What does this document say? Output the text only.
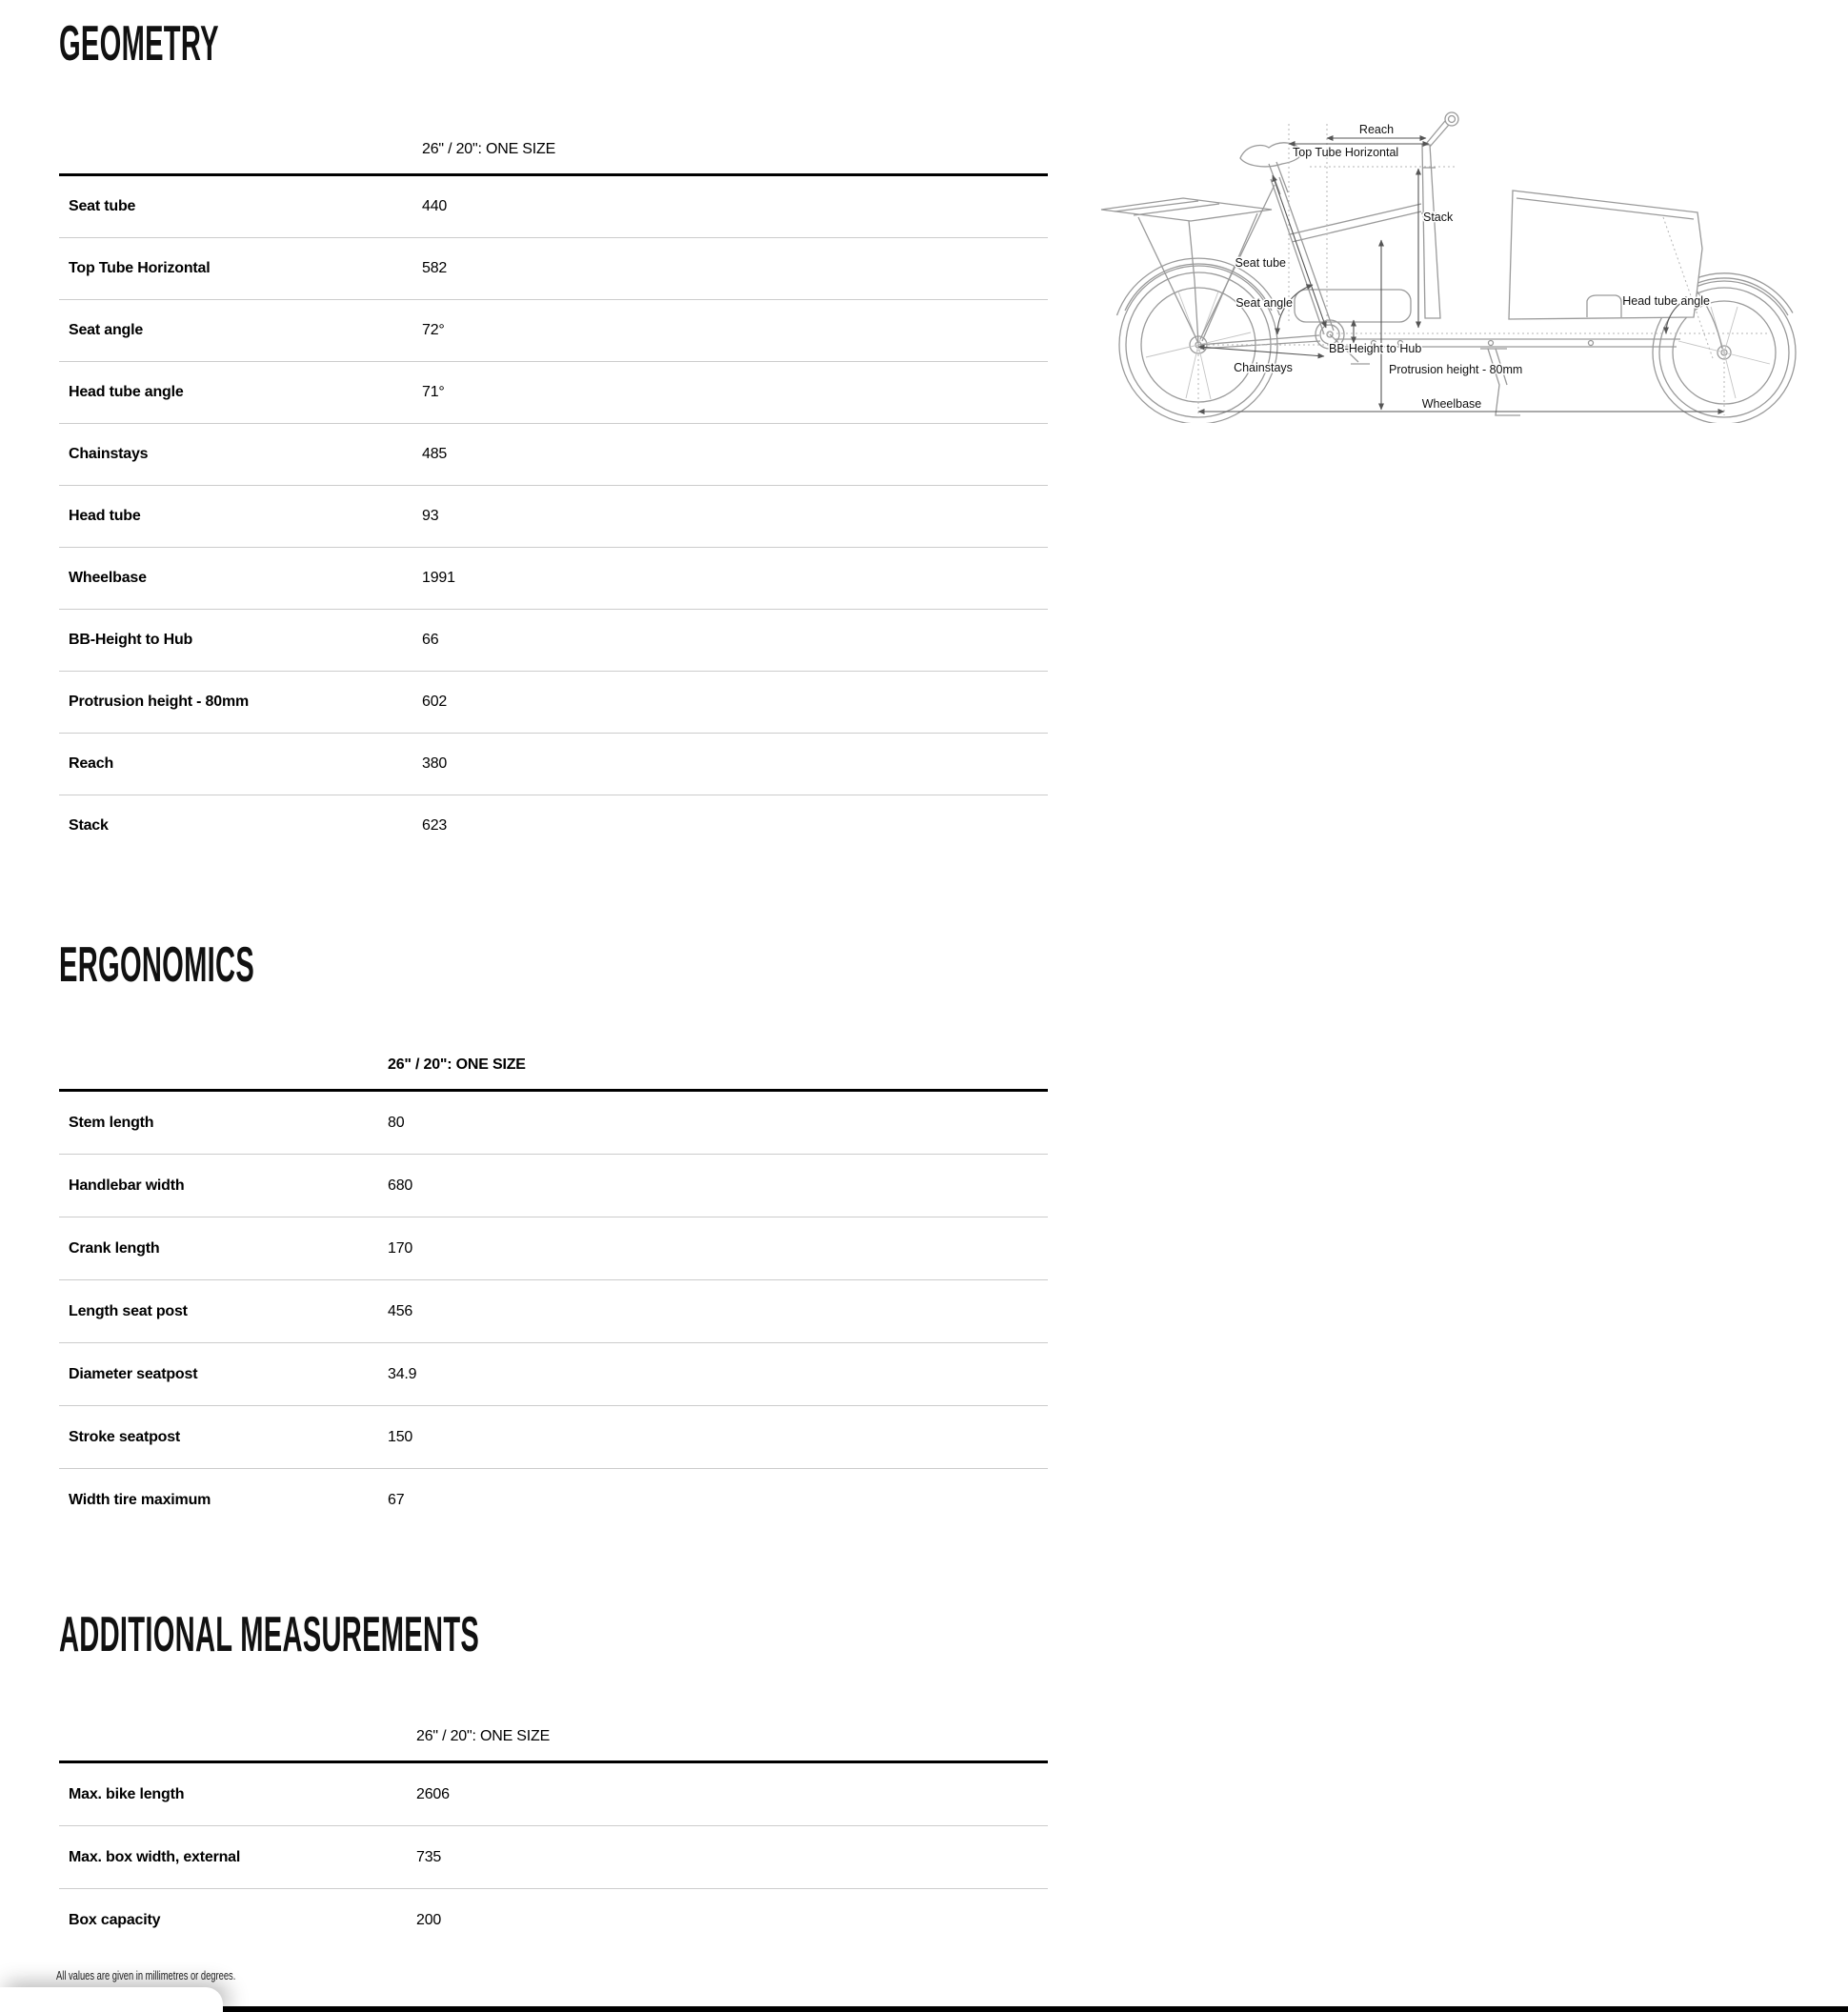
GEOMETRY
26" / 20": ONE SIZE
Seat tube	440
Top Tube Horizontal	582
Seat angle	72°
Head tube angle	71°
Chainstays	485
Head tube	93
Wheelbase	1991
BB-Height to Hub	66
Protrusion height - 80mm	602
Reach	380
Stack	623
ERGONOMICS
26" / 20": ONE SIZE
Stem length	80
Handlebar width	680
Crank length	170
Length seat post	456
Diameter seatpost	34.9
Stroke seatpost	150
Width tire maximum	67
ADDITIONAL MEASUREMENTS
26" / 20": ONE SIZE
Max. bike length	2606
Max. box width, external	735
Box capacity	200
All values are given in millimetres or degrees.
Reach
Top Tube Horizontal
Stack
Seat tube
Seat angle	Head tube angle
BB-Height to Hub
Chainstays	Protrusion height - 80mm
Wheelbase
